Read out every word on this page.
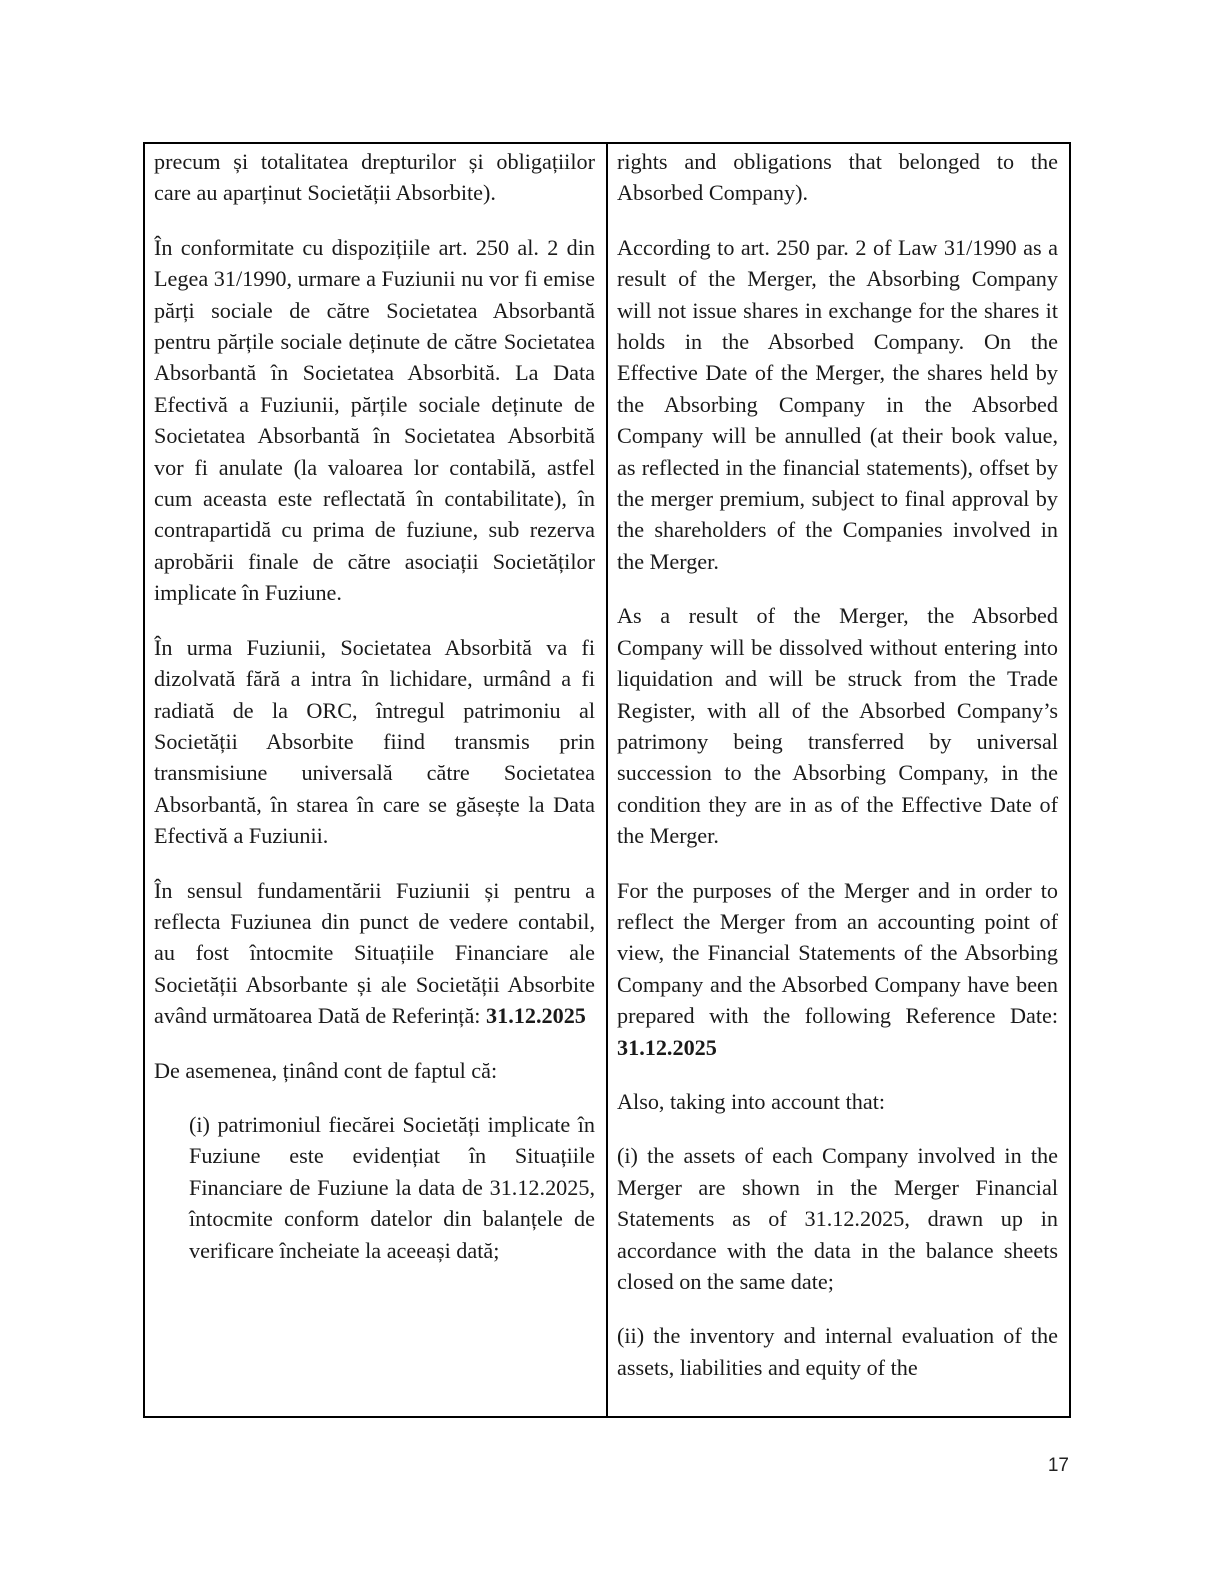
precum și totalitatea drepturilor și obligațiilor care au aparținut Societății Absorbite).

În conformitate cu dispozițiile art. 250 al. 2 din Legea 31/1990, urmare a Fuziunii nu vor fi emise părți sociale de către Societatea Absorbantă pentru părțile sociale deținute de către Societatea Absorbantă în Societatea Absorbită. La Data Efectivă a Fuziunii, părțile sociale deținute de Societatea Absorbantă în Societatea Absorbită vor fi anulate (la valoarea lor contabilă, astfel cum aceasta este reflectată în contabilitate), în contrapartidă cu prima de fuziune, sub rezerva aprobării finale de către asociații Societăților implicate în Fuziune.

În urma Fuziunii, Societatea Absorbită va fi dizolvată fără a intra în lichidare, urmând a fi radiată de la ORC, întregul patrimoniu al Societății Absorbite fiind transmis prin transmisiune universală către Societatea Absorbantă, în starea în care se găsește la Data Efectivă a Fuziunii.

În sensul fundamentării Fuziunii și pentru a reflecta Fuziunea din punct de vedere contabil, au fost întocmite Situațiile Financiare ale Societății Absorbante și ale Societății Absorbite având următoarea Dată de Referință: 31.12.2025

De asemenea, ținând cont de faptul că:

(i) patrimoniul fiecărei Societăți implicate în Fuziune este evidențiat în Situațiile Financiare de Fuziune la data de 31.12.2025, întocmite conform datelor din balanțele de verificare încheiate la aceeași dată;

rights and obligations that belonged to the Absorbed Company).

According to art. 250 par. 2 of Law 31/1990 as a result of the Merger, the Absorbing Company will not issue shares in exchange for the shares it holds in the Absorbed Company. On the Effective Date of the Merger, the shares held by the Absorbing Company in the Absorbed Company will be annulled (at their book value, as reflected in the financial statements), offset by the merger premium, subject to final approval by the shareholders of the Companies involved in the Merger.

As a result of the Merger, the Absorbed Company will be dissolved without entering into liquidation and will be struck from the Trade Register, with all of the Absorbed Company’s patrimony being transferred by universal succession to the Absorbing Company, in the condition they are in as of the Effective Date of the Merger.

For the purposes of the Merger and in order to reflect the Merger from an accounting point of view, the Financial Statements of the Absorbing Company and the Absorbed Company have been prepared with the following Reference Date: 31.12.2025

Also, taking into account that:

(i) the assets of each Company involved in the Merger are shown in the Merger Financial Statements as of 31.12.2025, drawn up in accordance with the data in the balance sheets closed on the same date;

(ii) the inventory and internal evaluation of the assets, liabilities and equity of the

17
